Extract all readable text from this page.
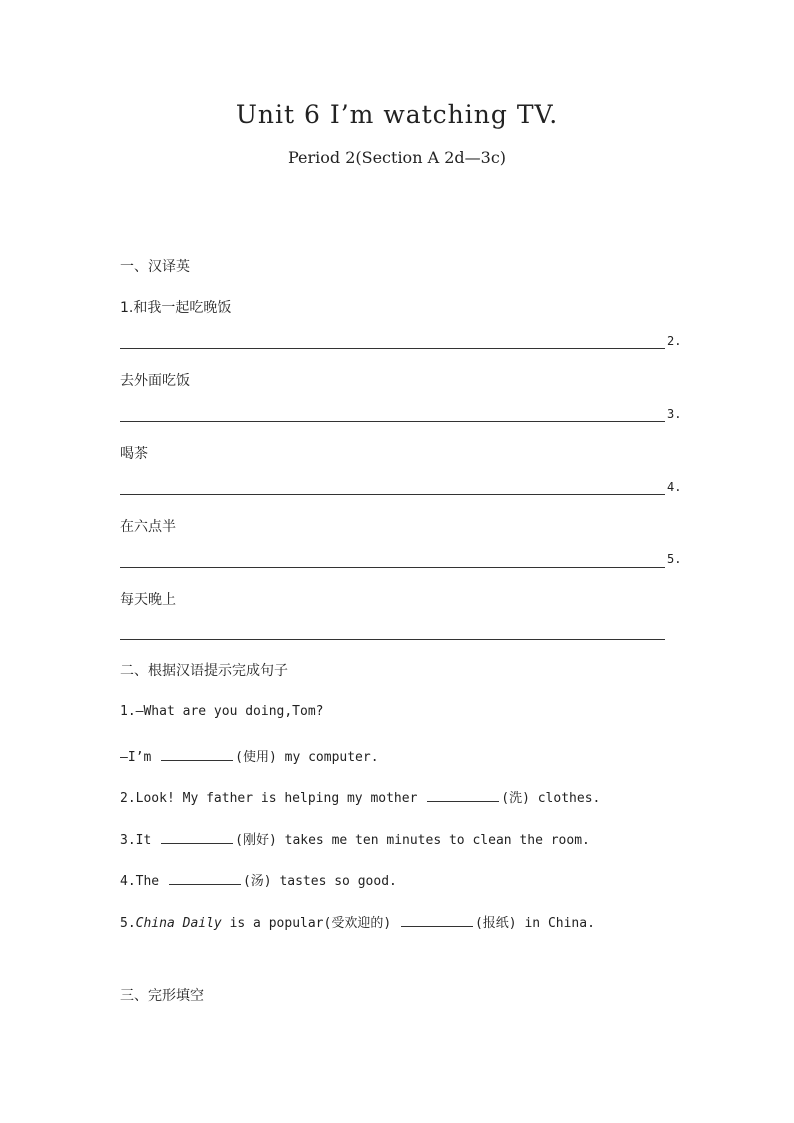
Unit 6 I’m watching TV.
Period 2(Section A 2d—3c)
一、汉译英
1.和我一起吃晚饭
2.
去外面吃饭
3.
喝茶
4.
在六点半
5.
每天晚上
二、根据汉语提示完成句子
1.—What are you doing,Tom?
—I’m	(使用) my computer.
2.Look! My father is helping my mother	(洗) clothes.
3.It	(刚好) takes me ten minutes to clean the room.
4.The	(汤) tastes so good.
5.China Daily is a popular(受欢迎的)	(报纸) in China.
三、完形填空
